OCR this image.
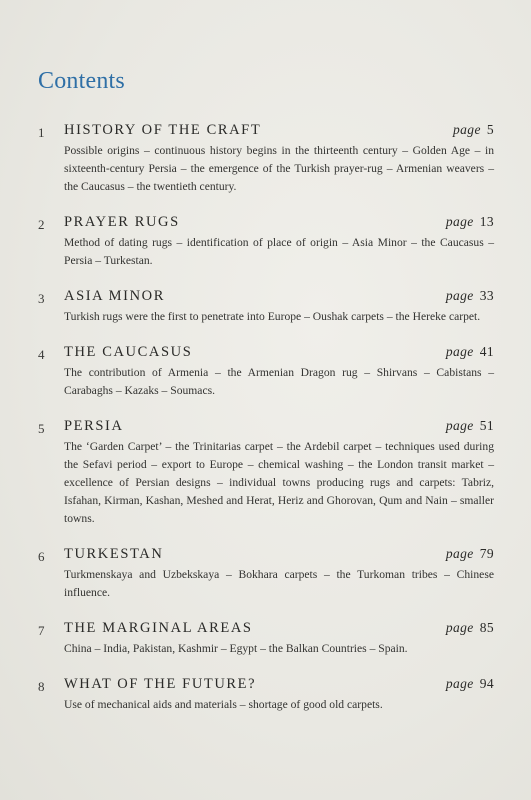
Contents
1 HISTORY OF THE CRAFT	page 5

Possible origins – continuous history begins in the thirteenth century – Golden Age – in sixteenth-century Persia – the emergence of the Turkish prayer-rug – Armenian weavers – the Caucasus – the twentieth century.

2 PRAYER RUGS	page 13

Method of dating rugs – identification of place of origin – Asia Minor – the Caucasus – Persia – Turkestan.

3 ASIA MINOR	page 33

Turkish rugs were the first to penetrate into Europe – Oushak carpets – the Hereke carpet.

4 THE CAUCASUS	page 41

The contribution of Armenia – the Armenian Dragon rug – Shirvans – Cabistans – Carabaghs – Kazaks – Soumacs.

5 PERSIA	page 51

The ‘Garden Carpet’ – the Trinitarias carpet – the Ardebil carpet – techniques used during the Sefavi period – export to Europe – chemical washing – the London transit market – excellence of Persian designs – individual towns producing rugs and carpets: Tabriz, Isfahan, Kirman, Kashan, Meshed and Herat, Heriz and Ghorovan, Qum and Nain – smaller towns.

6 TURKESTAN	page 79

Turkmenskaya and Uzbekskaya – Bokhara carpets – the Turkoman tribes – Chinese influence.

7 THE MARGINAL AREAS	page 85

China – India, Pakistan, Kashmir – Egypt – the Balkan Countries – Spain.

8 WHAT OF THE FUTURE?	page 94

Use of mechanical aids and materials – shortage of good old carpets.
